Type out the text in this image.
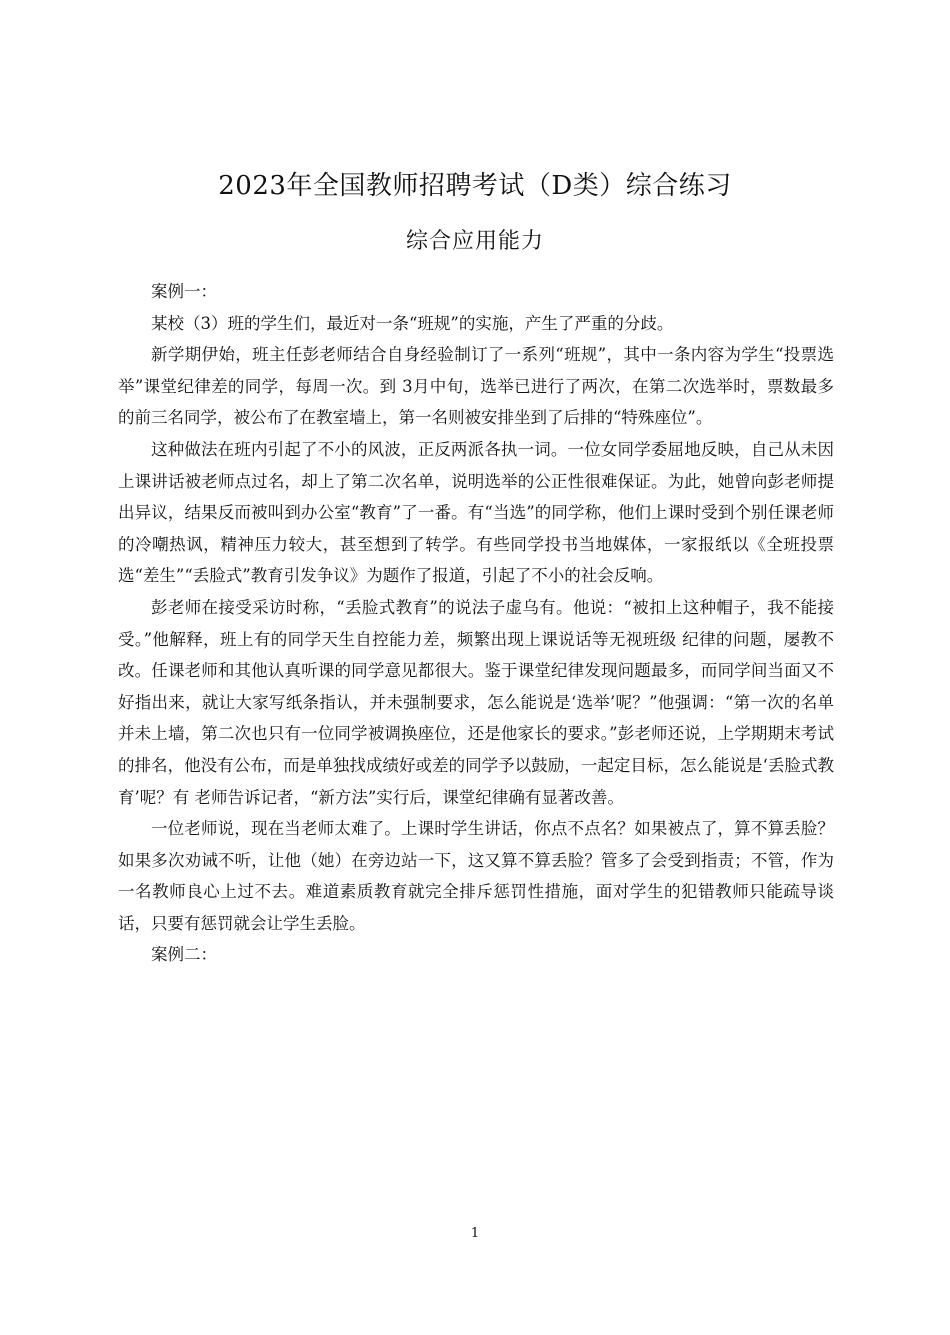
2023年全国教师招聘考试（D类）综合练习
综合应用能力

案例一：

某校（3）班的学生们，最近对一条“班规”的实施，产生了严重的分歧。

新学期伊始，班主任彭老师结合自身经验制订了一系列“班规”，其中一条内容为学生“投票选举”课堂纪律差的同学，每周一次。到 3月中旬，选举已进行了两次，在第二次选举时，票数最多的前三名同学，被公布了在教室墙上，第一名则被安排坐到了后排的“特殊座位”。

这种做法在班内引起了不小的风波，正反两派各执一词。一位女同学委屈地反映，自己从未因上课讲话被老师点过名，却上了第二次名单，说明选举的公正性很难保证。为此，她曾向彭老师提出异议，结果反而被叫到办公室“教育”了一番。有“当选”的同学称，他们上课时受到个别任课老师的冷嘲热讽，精神压力较大，甚至想到了转学。有些同学投书当地媒体，一家报纸以《全班投票选“差生”“丢脸式”教育引发争议》为题作了报道，引起了不小的社会反响。

彭老师在接受采访时称，“丢脸式教育”的说法子虚乌有。他说：“被扣上这种帽子，我不能接受。”他解释，班上有的同学天生自控能力差，频繁出现上课说话等无视班级 纪律的问题，屡教不改。任课老师和其他认真听课的同学意见都很大。鉴于课堂纪律发现问题最多，而同学间当面又不好指出来，就让大家写纸条指认，并未强制要求，怎么能说是‘选举’呢？”他强调：“第一次的名单并未上墙，第二次也只有一位同学被调换座位，还是他家长的要求。”彭老师还说，上学期期末考试的排名，他没有公布，而是单独找成绩好或差的同学予以鼓励，一起定目标，怎么能说是‘丢脸式教育’呢？有 老师告诉记者，“新方法”实行后，课堂纪律确有显著改善。

一位老师说，现在当老师太难了。上课时学生讲话，你点不点名？如果被点了，算不算丢脸？如果多次劝诫不听，让他（她）在旁边站一下，这又算不算丢脸？管多了会受到指责；不管，作为一名教师良心上过不去。难道素质教育就完全排斥惩罚性措施，面对学生的犯错教师只能疏导谈话，只要有惩罚就会让学生丢脸。

案例二：

1
